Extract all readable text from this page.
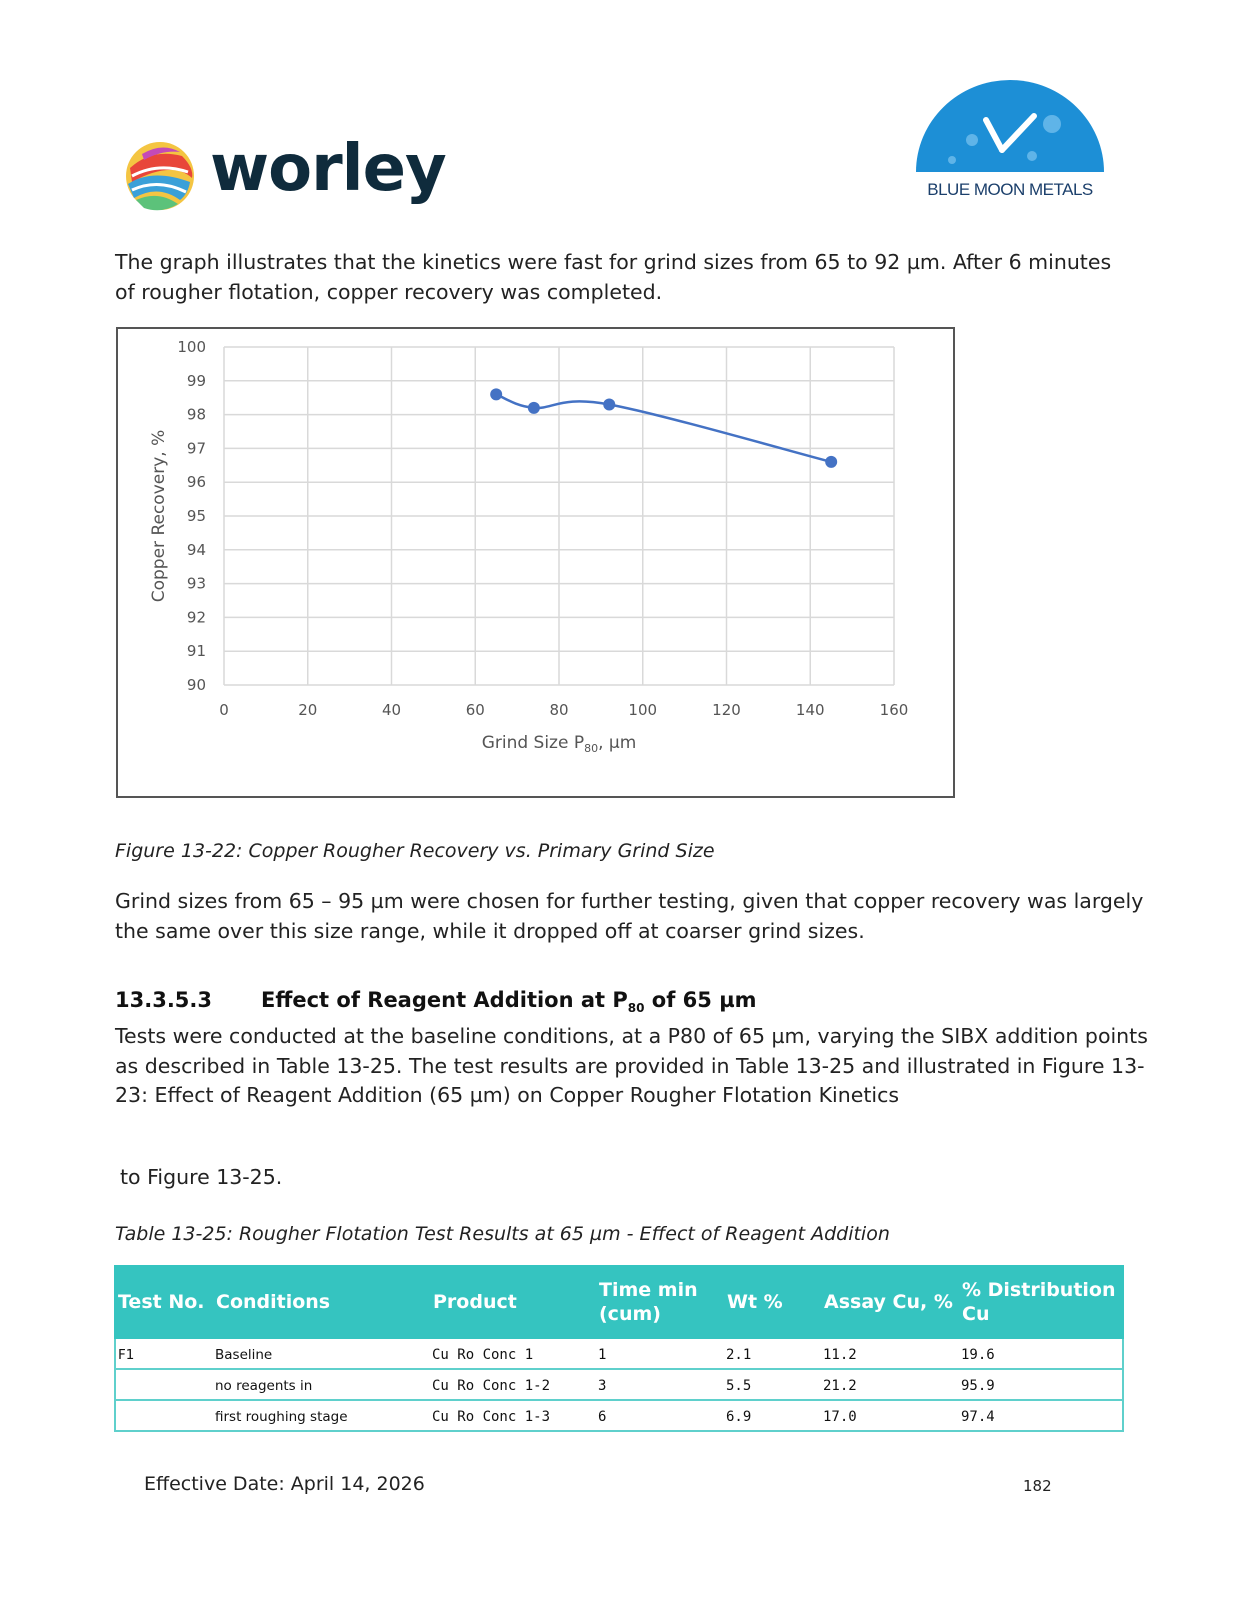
worley	BLUE MOON METALS

The graph illustrates that the kinetics were fast for grind sizes from 65 to 92 µm. After 6 minutes of rougher flotation, copper recovery was completed.

90
91
92
93
94
95
96
97
98
99
100
0	20	40	60	80	100	120	140	160
Grind Size $P_{80}$, µm
Copper Recovery, %

Figure 13-22: Copper Rougher Recovery vs. Primary Grind Size

Grind sizes from 65 – 95 µm were chosen for further testing, given that copper recovery was largely the same over this size range, while it dropped off at coarser grind sizes.

13.3.5.3 Effect of Reagent Addition at $P_{80}$ of 65 µm

Tests were conducted at the baseline conditions, at a P80 of 65 µm, varying the SIBX addition points as described in Table 13-25. The test results are provided in Table 13-25 and illustrated in Figure 13-23: Effect of Reagent Addition (65 µm) on Copper Rougher Flotation Kinetics

to Figure 13-25.

Table 13-25: Rougher Flotation Test Results at 65 µm - Effect of Reagent Addition

Test No.	Conditions	Product	Time min (cum)	Wt %	Assay Cu, %	% Distribution Cu
F1	Baseline	Cu Ro Conc 1	1	2.1	11.2	19.6
	no reagents in	Cu Ro Conc 1-2	3	5.5	21.2	95.9
	first roughing stage	Cu Ro Conc 1-3	6	6.9	17.0	97.4
Effective Date: April 14, 2026	182
